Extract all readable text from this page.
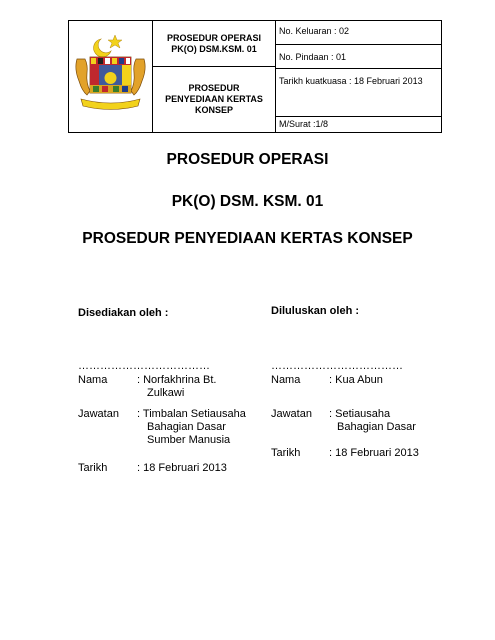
PROSEDUR OPERASI
PK(O) DSM.KSM. 01
PROSEDUR
PENYEDIAAN KERTAS
KONSEP
No. Keluaran : 02
No. Pindaan : 01
Tarikh kuatkuasa : 18 Februari 2013
M/Surat :1/8
PROSEDUR OPERASI
PK(O) DSM. KSM. 01
PROSEDUR PENYEDIAAN KERTAS KONSEP
Disediakan oleh :
………………………………
Nama	: Norfakhrina Bt.
Zulkawi
Jawatan : Timbalan Setiausaha
Bahagian Dasar
Sumber Manusia
Tarikh	: 18 Februari 2013
Diluluskan oleh :
………………………………
Nama	: Kua Abun
Jawatan : Setiausaha
Bahagian Dasar
Tarikh	: 18 Februari 2013
